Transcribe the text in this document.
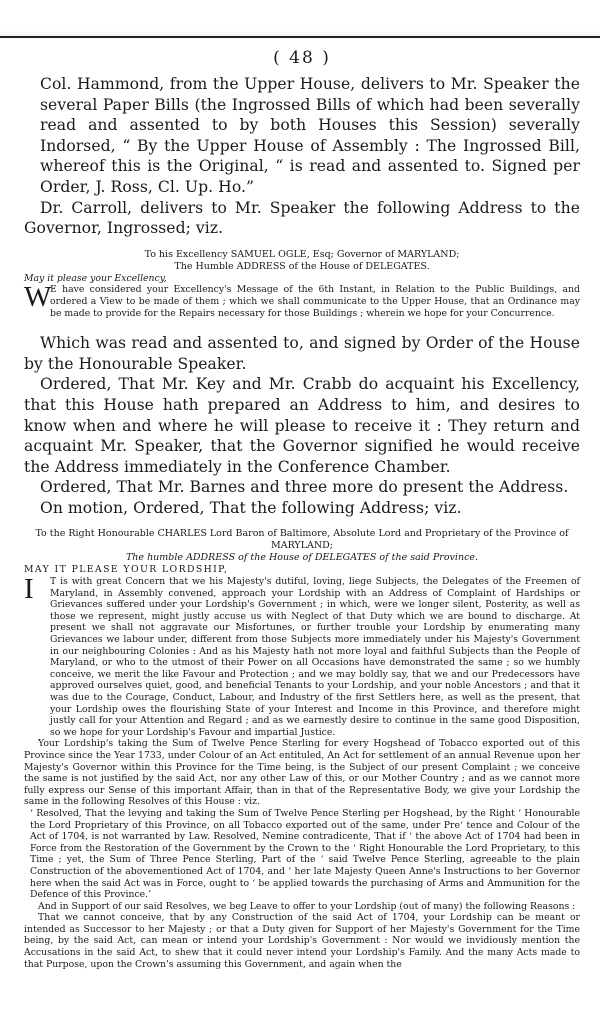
( 48 )

Col. Hammond, from the Upper House, delivers to Mr. Speaker the several Paper Bills (the Ingrossed Bills of which had been severally read and assented to by both Houses this Session) severally Indorsed, “ By the Upper House of Assembly : The Ingrossed Bill, whereof this is the Original, “ is read and assented to. Signed per Order, J. Ross, Cl. Up. Ho.”

Dr. Carroll, delivers to Mr. Speaker the following Address to the Governor, Ingrossed; viz.

To his Excellency SAMUEL OGLE, Esq; Governor of MARYLAND;
The Humble ADDRESS of the House of DELEGATES.

May it please your Excellency,

W
E have considered your Excellency's Message of the 6th Instant, in Relation to the Public Buildings, and ordered a View to be made of them ; which we shall communicate to the Upper House, that an Ordinance may be made to provide for the Repairs necessary for those Buildings ; wherein we hope for your Concurrence.

Which was read and assented to, and signed by Order of the House by the Honourable Speaker.

Ordered, That Mr. Key and Mr. Crabb do acquaint his Excellency, that this House hath prepared an Address to him, and desires to know when and where he will please to receive it : They return and acquaint Mr. Speaker, that the Governor signified he would receive the Address immediately in the Conference Chamber.

Ordered, That Mr. Barnes and three more do present the Address.

On motion, Ordered, That the following Address; viz.

To the Right Honourable CHARLES Lord Baron of Baltimore, Absolute Lord and Proprietary of the Province of MARYLAND;
The humble ADDRESS of the House of DELEGATES of the said Province.

MAY IT PLEASE YOUR LORDSHIP,

I T is with great Concern that we his Majesty's dutiful, loving, liege Subjects, the Delegates of the Freemen of Maryland, in Assembly convened, approach your Lordship with an Address of Complaint of Hardships or Grievances suffered under your Lordship's Government ; in which, were we longer silent, Posterity, as well as those we represent, might justly accuse us with Neglect of that Duty which we are bound to discharge. At present we shall not aggravate our Misfortunes, or further trouble your Lordship by enumerating many Grievances we labour under, different from those Subjects more immediately under his Majesty's Government in our neighbouring Colonies : And as his Majesty hath not more loyal and faithful Subjects than the People of Maryland, or who to the utmost of their Power on all Occasions have demonstrated the same ; so we humbly conceive, we merit the like Favour and Protection ; and we may boldly say, that we and our Predecessors have approved ourselves quiet, good, and beneficial Tenants to your Lordship, and your noble Ancestors ; and that it was due to the Courage, Conduct, Labour, and Industry of the first Settlers here, as well as the present, that your Lordship owes the flourishing State of your Interest and Income in this Province, and therefore might justly call for your Attention and Regard ; and as we earnestly desire to continue in the same good Disposition, so we hope for your Lordship's Favour and impartial Justice.

Your Lordship's taking the Sum of Twelve Pence Sterling for every Hogshead of Tobacco exported out of this Province since the Year 1733, under Colour of an Act entituled, An Act for settlement of an annual Revenue upon her Majesty's Governor within this Province for the Time being, is the Subject of our present Complaint ; we conceive the same is not justified by the said Act, nor any other Law of this, or our Mother Country ; and as we cannot more fully express our Sense of this important Affair, than in that of the Representative Body, we give your Lordship the same in the following Resolves of this House : viz.

‘ Resolved, That the levying and taking the Sum of Twelve Pence Sterling per Hogshead, by the Right ‘ Honourable the Lord Proprietary of this Province, on all Tobacco exported out of the same, under Pre‘ tence and Colour of the Act of 1704, is not warranted by Law. Resolved, Nemine contradicente, That if ‘ the above Act of 1704 had been in Force from the Restoration of the Government by the Crown to the ‘ Right Honourable the Lord Proprietary, to this Time ; yet, the Sum of Three Pence Sterling, Part of the ‘ said Twelve Pence Sterling, agreeable to the plain Construction of the abovementioned Act of 1704, and ‘ her late Majesty Queen Anne's Instructions to her Governor here when the said Act was in Force, ought to ‘ be applied towards the purchasing of Arms and Ammunition for the Defence of this Province.’

And in Support of our said Resolves, we beg Leave to offer to your Lordship (out of many) the following Reasons :

That we cannot conceive, that by any Construction of the said Act of 1704, your Lordship can be meant or intended as Successor to her Majesty ; or that a Duty given for Support of her Majesty's Government for the Time being, by the said Act, can mean or intend your Lordship's Government : Nor would we invidiously mention the Accusations in the said Act, to shew that it could never intend your Lordship's Family. And the many Acts made to that Purpose, upon the Crown's assuming this Government, and again when the
